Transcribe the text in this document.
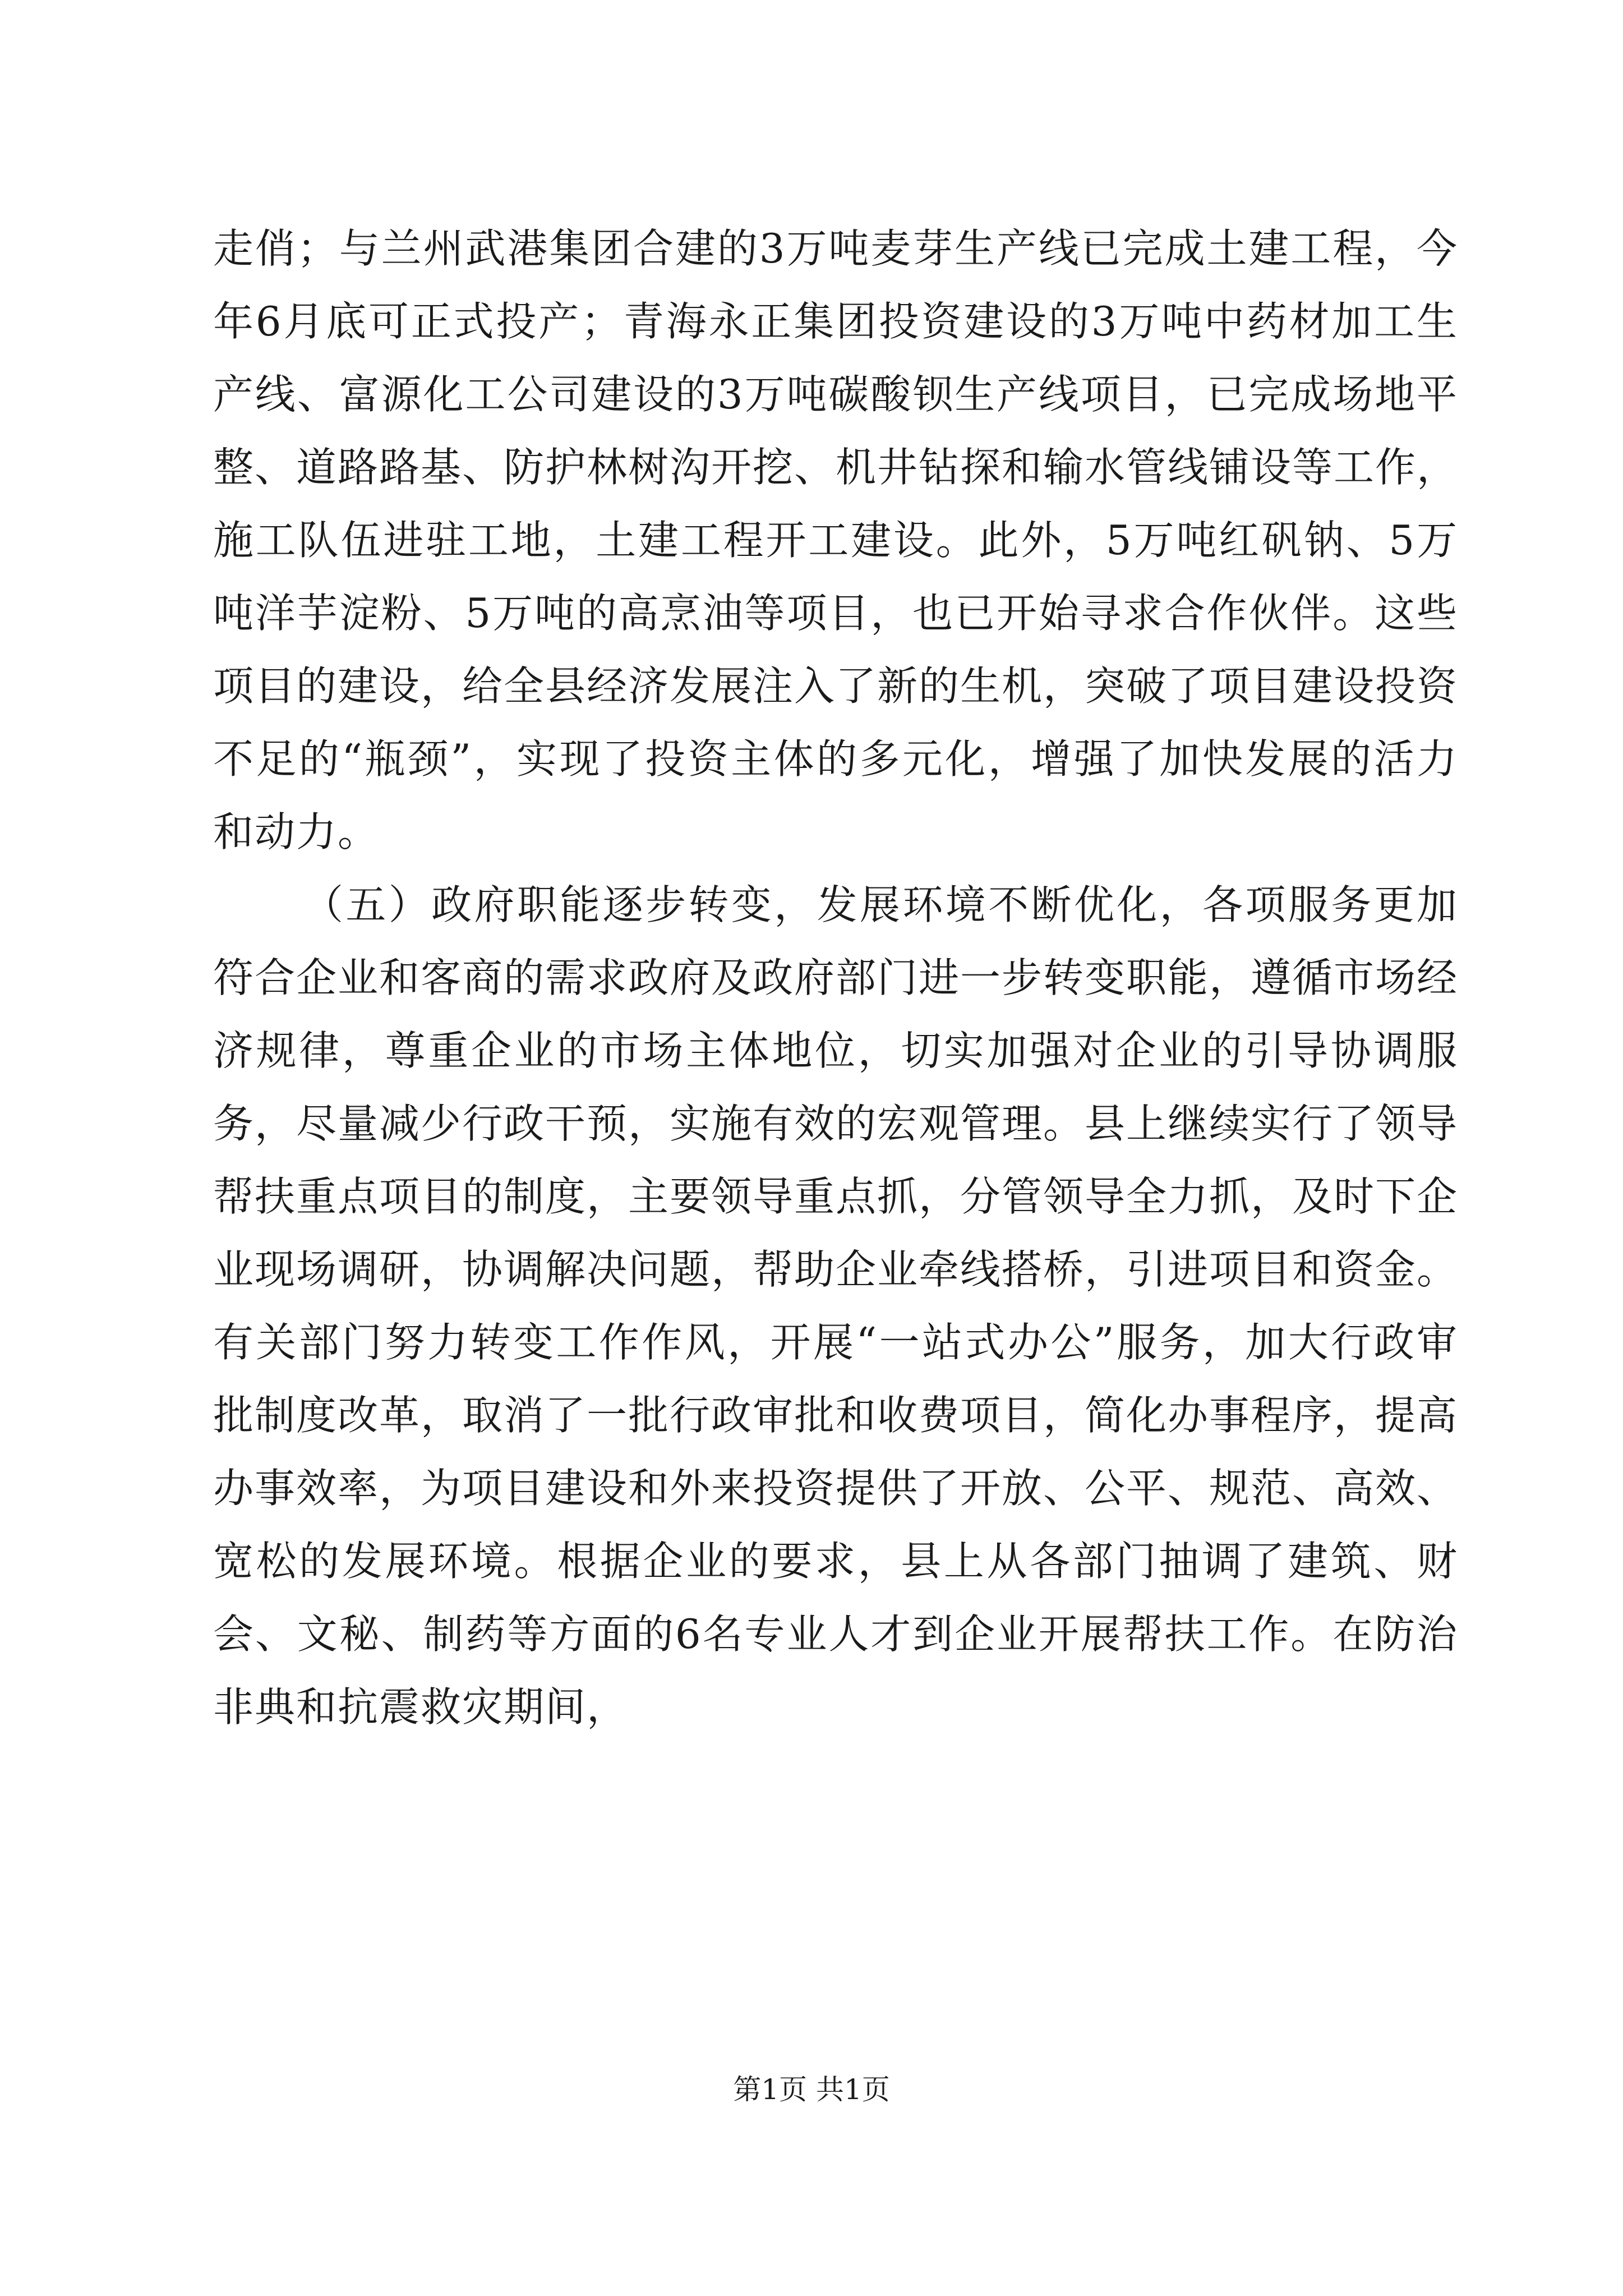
走俏；与兰州武港集团合建的3万吨麦芽生产线已完成土建工程，今年6月底可正式投产；青海永正集团投资建设的3万吨中药材加工生产线、富源化工公司建设的3万吨碳酸钡生产线项目，已完成场地平整、道路路基、防护林树沟开挖、机井钻探和输水管线铺设等工作，施工队伍进驻工地，土建工程开工建设。此外，5万吨红矾钠、5万吨洋芋淀粉、5万吨的高烹油等项目，也已开始寻求合作伙伴。这些项目的建设，给全县经济发展注入了新的生机，突破了项目建设投资不足的“瓶颈”，实现了投资主体的多元化，增强了加快发展的活力和动力。

（五）政府职能逐步转变，发展环境不断优化，各项服务更加符合企业和客商的需求政府及政府部门进一步转变职能，遵循市场经济规律，尊重企业的市场主体地位，切实加强对企业的引导协调服务，尽量减少行政干预，实施有效的宏观管理。县上继续实行了领导帮扶重点项目的制度，主要领导重点抓，分管领导全力抓，及时下企业现场调研，协调解决问题，帮助企业牵线搭桥，引进项目和资金。有关部门努力转变工作作风，开展“一站式办公”服务，加大行政审批制度改革，取消了一批行政审批和收费项目，简化办事程序，提高办事效率，为项目建设和外来投资提供了开放、公平、规范、高效、宽松的发展环境。根据企业的要求，县上从各部门抽调了建筑、财会、文秘、制药等方面的6名专业人才到企业开展帮扶工作。在防治非典和抗震救灾期间，

第1页 共1页
